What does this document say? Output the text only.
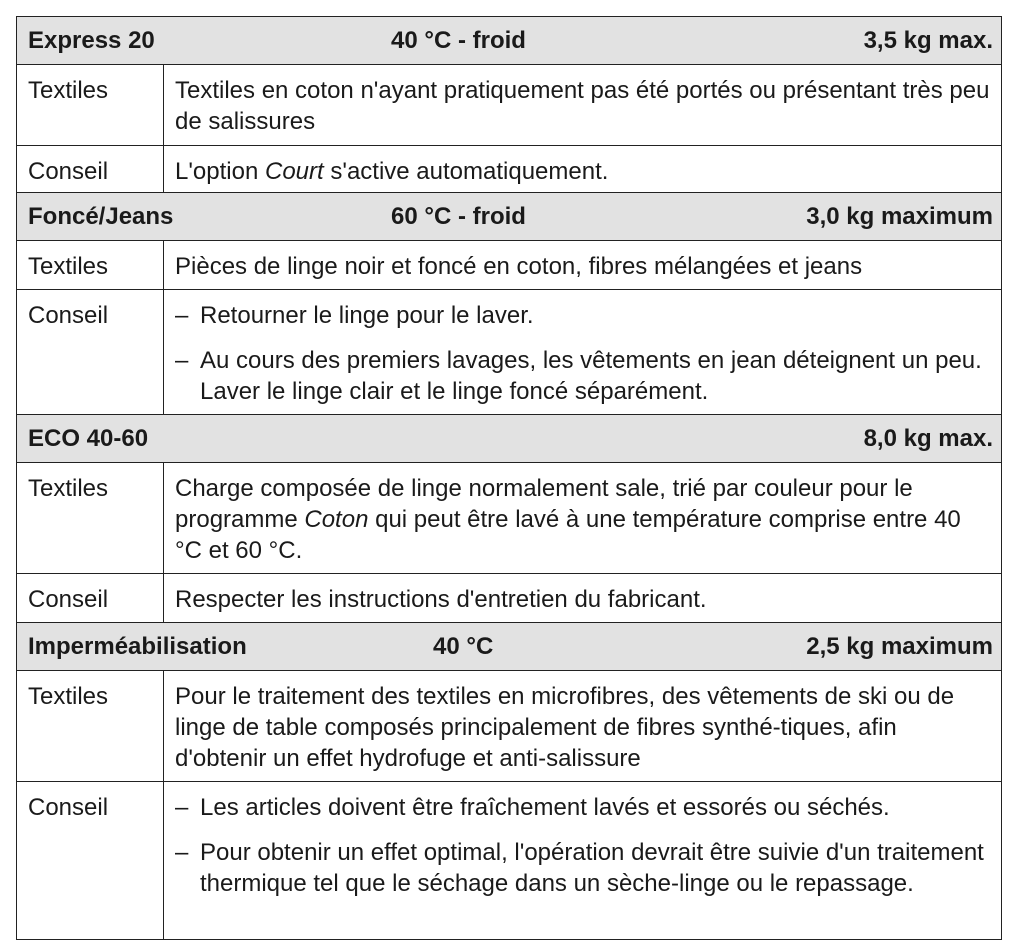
Express 20	40 °C - froid	3,5 kg max.
Textiles	Textiles en coton n'ayant pratiquement pas été portés ou présentant très peu de salissures
Conseil	L'option Court s'active automatiquement.
Foncé/Jeans	60 °C - froid	3,0 kg maximum
Textiles	Pièces de linge noir et foncé en coton, fibres mélangées et jeans
Conseil	– Retourner le linge pour le laver.
– Au cours des premiers lavages, les vêtements en jean déteignent un peu. Laver le linge clair et le linge foncé séparément.
ECO 40-60	8,0 kg max.
Textiles	Charge composée de linge normalement sale, trié par couleur pour le programme Coton qui peut être lavé à une température comprise entre 40 °C et 60 °C.
Conseil	Respecter les instructions d'entretien du fabricant.
Imperméabilisation	40 °C	2,5 kg maximum
Textiles	Pour le traitement des textiles en microfibres, des vêtements de ski ou de linge de table composés principalement de fibres synthé-tiques, afin d'obtenir un effet hydrofuge et anti-salissure
Conseil	– Les articles doivent être fraîchement lavés et essorés ou séchés.
– Pour obtenir un effet optimal, l'opération devrait être suivie d'un traitement thermique tel que le séchage dans un sèche-linge ou le repassage.
